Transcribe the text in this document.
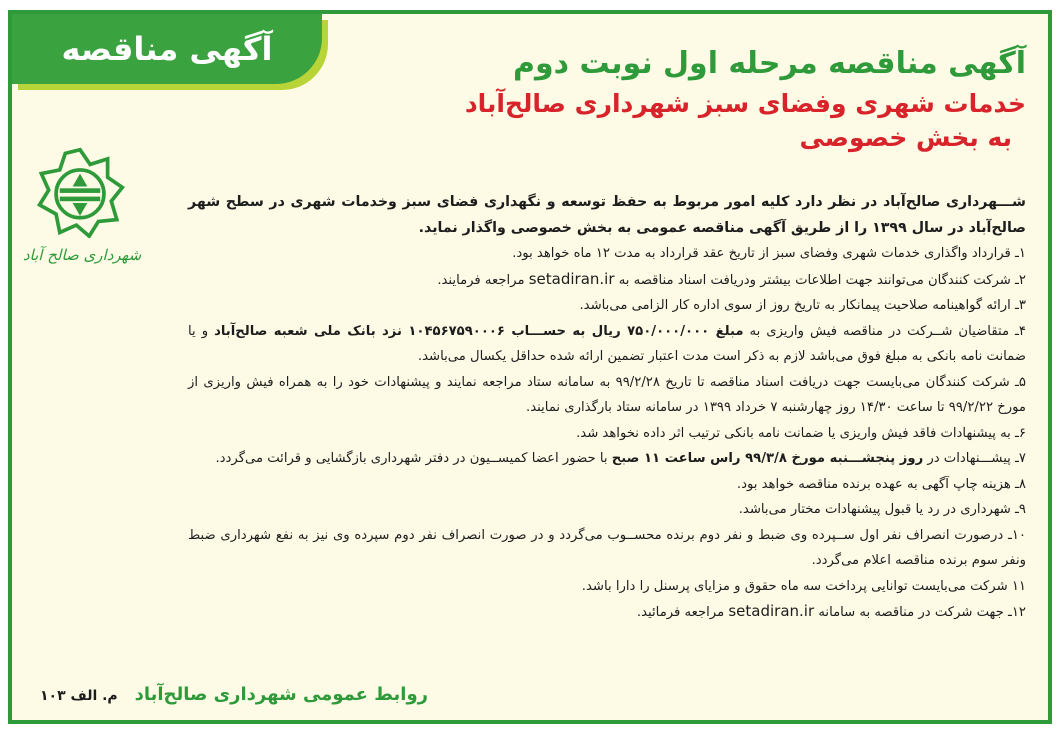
آگهی مناقصه
شهرداری صالح آباد
آگهی مناقصه مرحله اول نوبت دوم
خدمات شهری وفضای سبز شهرداری صالح‌آباد
به بخش خصوصی

شـــهرداری صالح‌آباد در نظر دارد کلیه امور مربوط به حفظ توسعه و نگهداری فضای سبز وخدمات شهری در سطح شهر صالح‌آباد در سال ۱۳۹۹ را از طریق آگهی مناقصه عمومی به بخش خصوصی واگذار نماید.

۱ـ قرارداد واگذاری خدمات شهری وفضای سبز از تاریخ عقد قرارداد به مدت ۱۲ ماه خواهد بود.

۲ـ شرکت کنندگان می‌توانند جهت اطلاعات بیشتر ودریافت اسناد مناقصه به setadiran.ir مراجعه فرمایند.

۳ـ ارائه گواهینامه صلاحیت پیمانکار به تاریخ روز از سوی اداره کار الزامی می‌باشد.

۴ـ متقاضیان شــرکت در مناقصه فیش واریزی به مبلغ ۷۵۰/۰۰۰/۰۰۰ ریال به حســـاب ۱۰۴۵۶۷۵۹۰۰۰۶ نزد بانک ملی شعبه صالح‌آباد و یا ضمانت نامه بانکی به مبلغ فوق می‌باشد لازم به ذکر است مدت اعتبار تضمین ارائه شده حداقل یکسال می‌باشد.

۵ـ شرکت کنندگان می‌بایست جهت دریافت اسناد مناقصه تا تاریخ ۹۹/۲/۲۸ به سامانه ستاد مراجعه نمایند و پیشنهادات خود را به همراه فیش واریزی از مورخ ۹۹/۲/۲۲ تا ساعت ۱۴/۳۰ روز چهارشنبه ۷ خرداد ۱۳۹۹ در سامانه ستاد بارگذاری نمایند.

۶ـ به پیشنهادات فاقد فیش واریزی یا ضمانت نامه بانکی ترتیب اثر داده نخواهد شد.

۷ـ پیشـــنهادات در روز پنجشـــنبه مورخ ۹۹/۳/۸ راس ساعت ۱۱ صبح با حضور اعضا کمیســیون در دفتر شهرداری بازگشایی و قرائت می‌گردد.

۸ـ هزینه چاپ آگهی به عهده برنده مناقصه خواهد بود.

۹ـ شهرداری در رد یا قبول پیشنهادات مختار می‌باشد.

۱۰ـ درصورت انصراف نفر اول ســپرده وی ضبط و نفر دوم برنده محســوب می‌گردد و در صورت انصراف نفر دوم سپرده وی نیز به نفع شهرداری ضبط ونفر سوم برنده مناقصه اعلام می‌گردد.

۱۱ شرکت می‌بایست توانایی پرداخت سه ماه حقوق و مزایای پرسنل را دارا باشد.

۱۲ـ جهت شرکت در مناقصه به سامانه setadiran.ir مراجعه فرمائید.

روابط عمومی شهرداری صالح‌آباد
م. الف ۱۰۳
